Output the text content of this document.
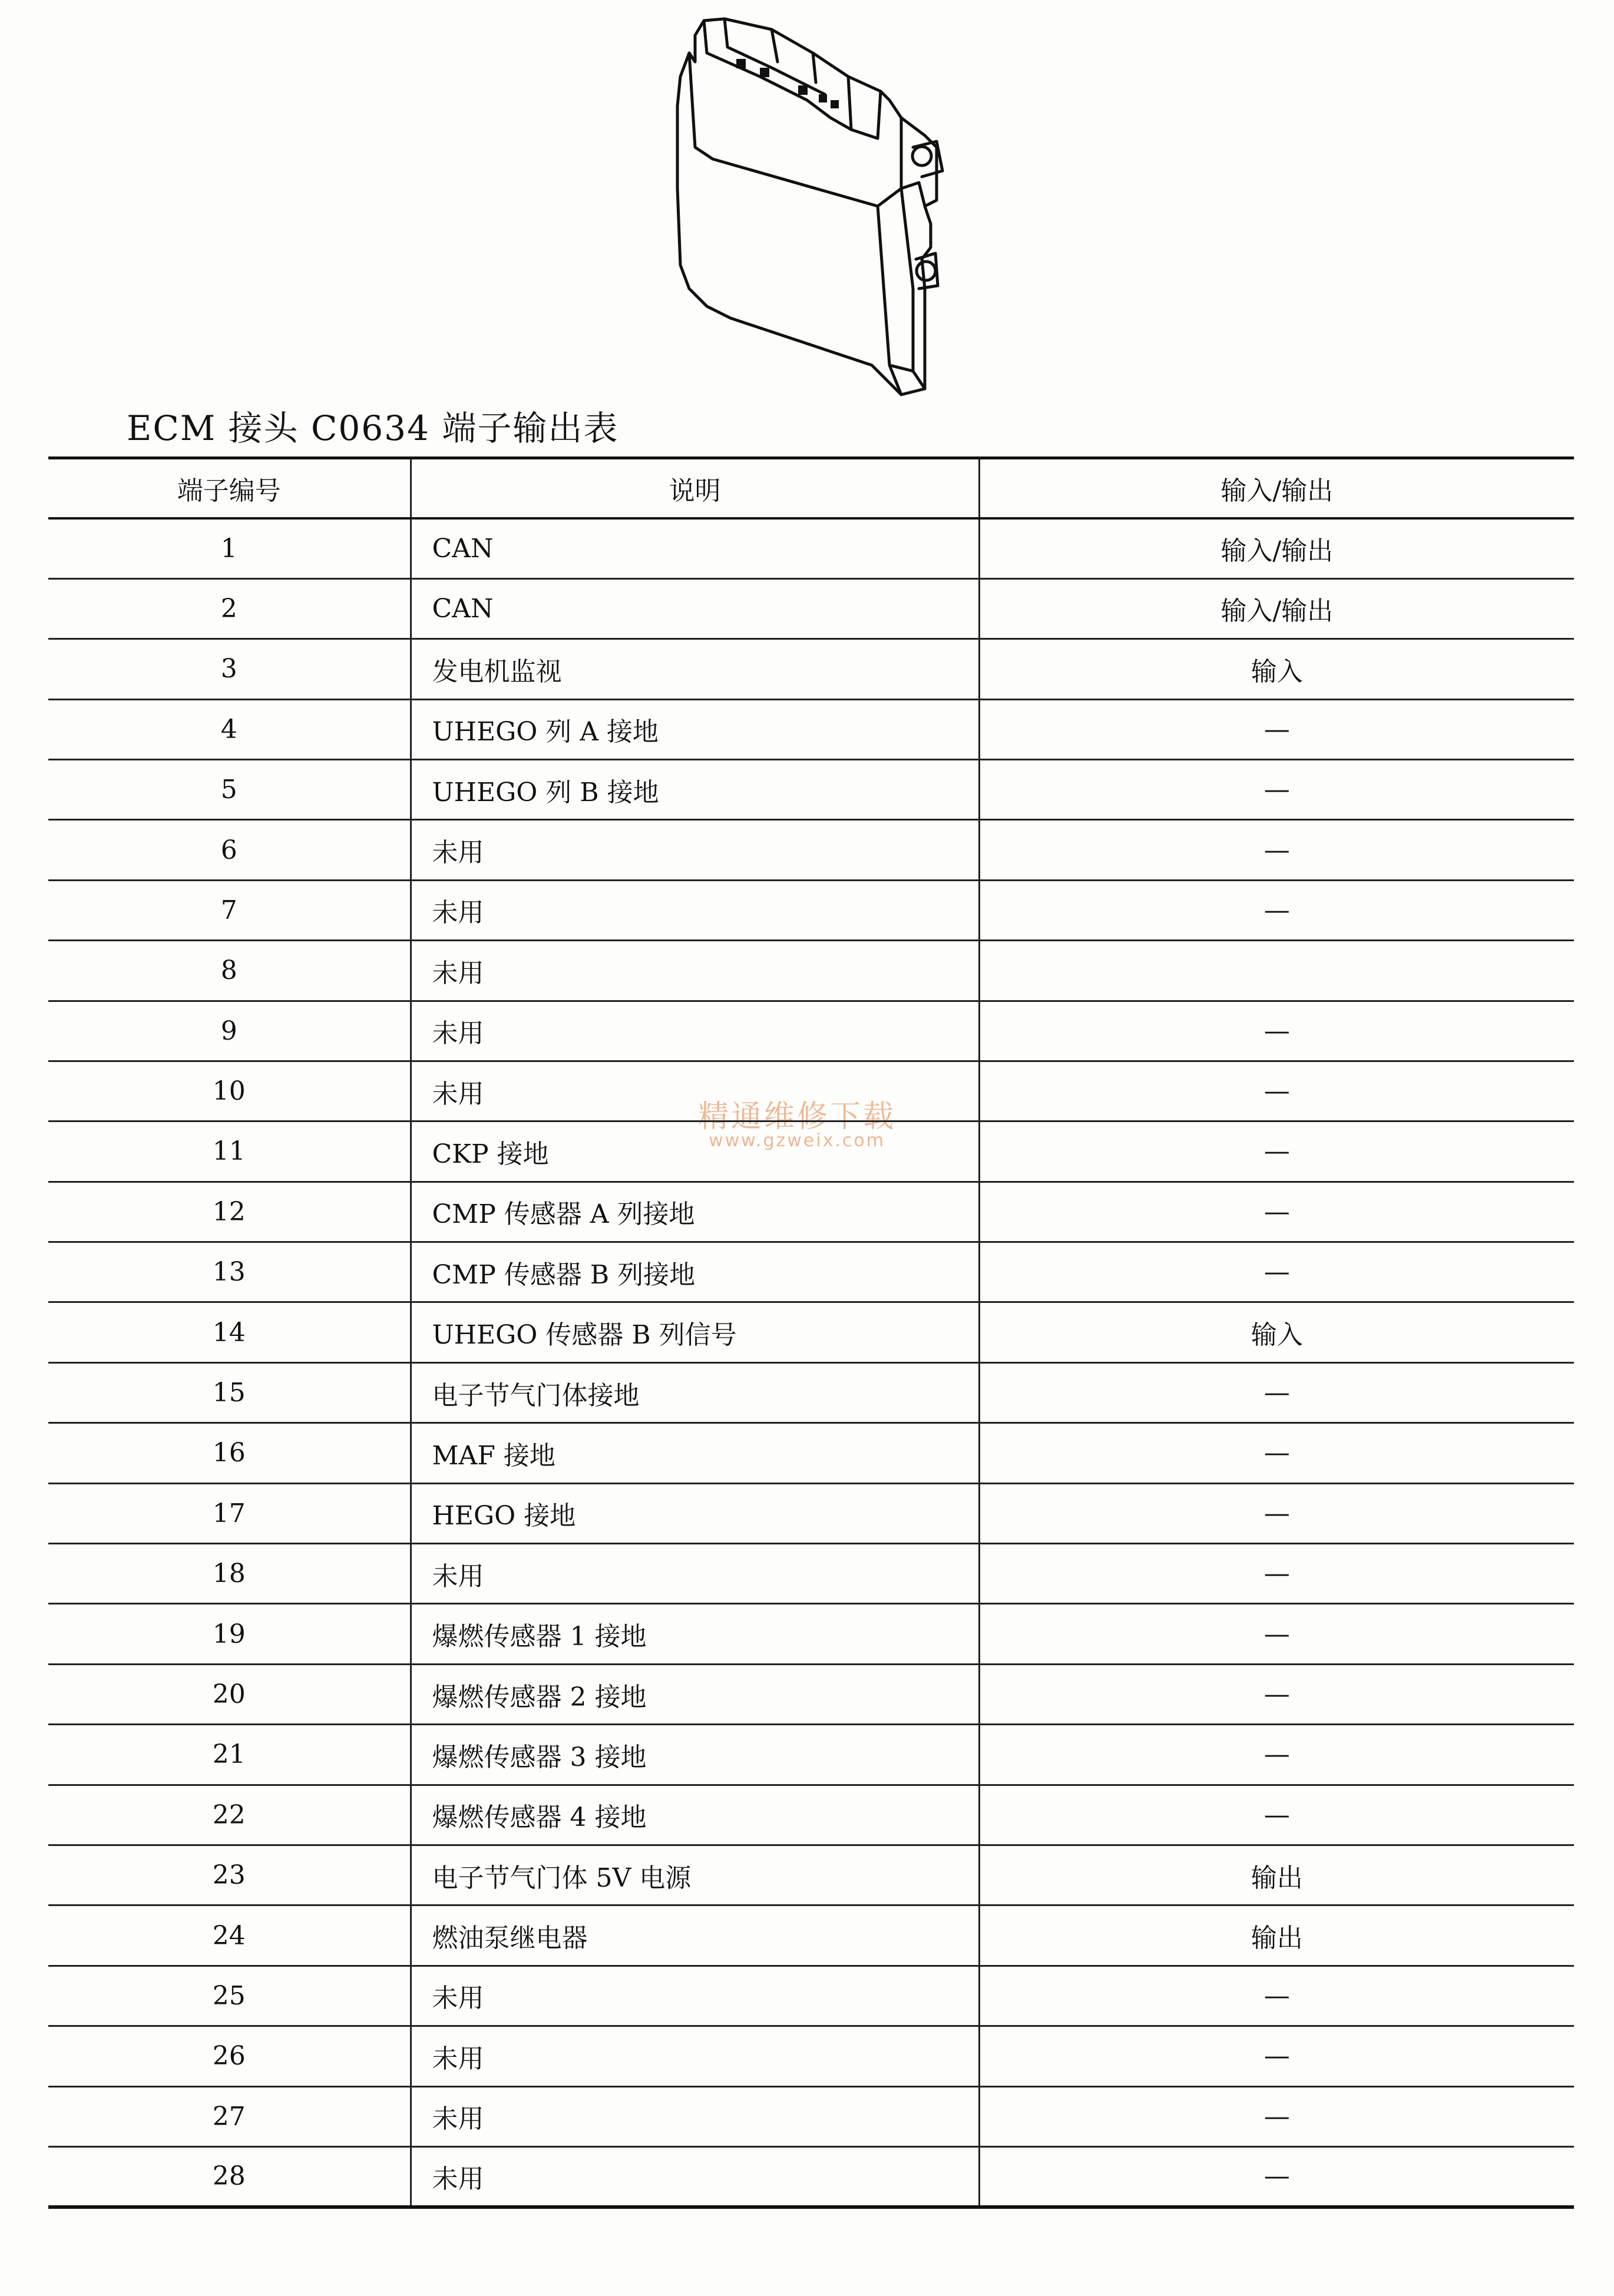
ECM 接头 C0634 端子输出表
精通维修下载
www.gzweix.com
端子编号	说明	输入/输出
1	CAN	输入/输出
2	CAN	输入/输出
3	发电机监视	输入
4	UHEGO 列 A 接地	—
5	UHEGO 列 B 接地	—
6	未用	—
7	未用	—
8	未用	
9	未用	—
10	未用	—
11	CKP 接地	—
12	CMP 传感器 A 列接地	—
13	CMP 传感器 B 列接地	—
14	UHEGO 传感器 B 列信号	输入
15	电子节气门体接地	—
16	MAF 接地	—
17	HEGO 接地	—
18	未用	—
19	爆燃传感器 1 接地	—
20	爆燃传感器 2 接地	—
21	爆燃传感器 3 接地	—
22	爆燃传感器 4 接地	—
23	电子节气门体 5V 电源	输出
24	燃油泵继电器	输出
25	未用	—
26	未用	—
27	未用	—
28	未用	—
